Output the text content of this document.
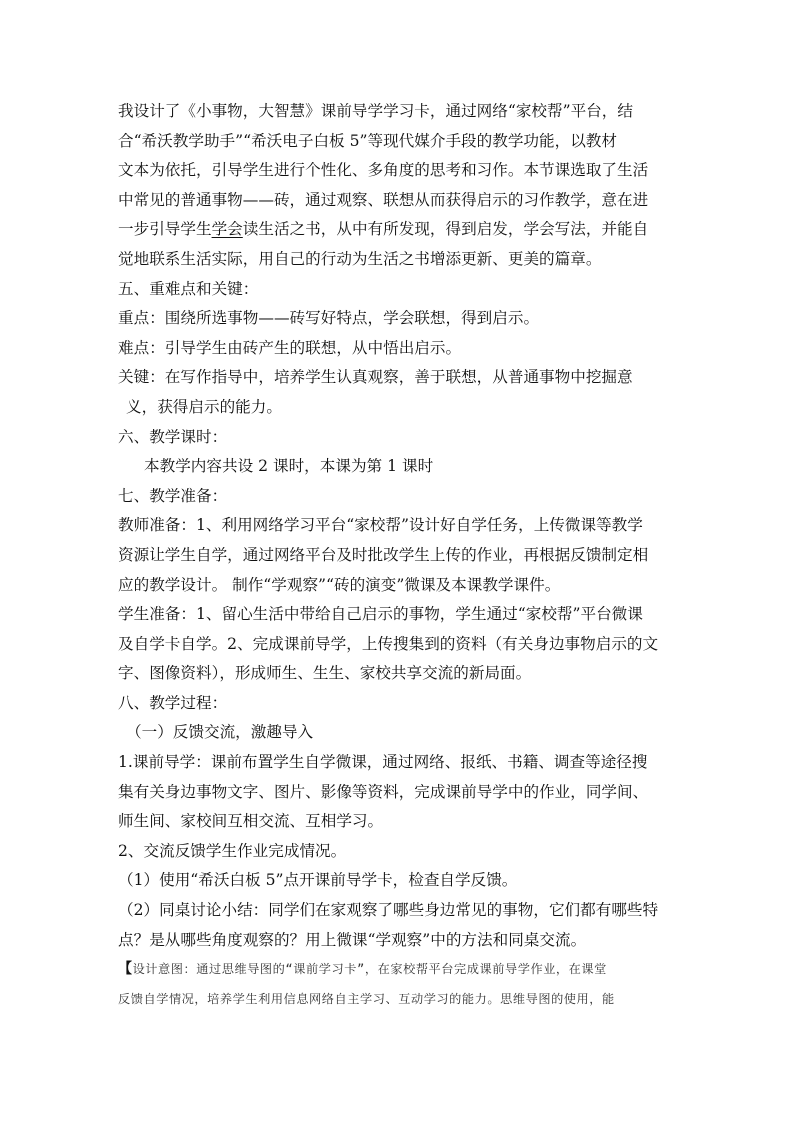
我设计了《小事物，大智慧》课前导学学习卡，通过网络“家校帮”平台，结
合“希沃教学助手”“希沃电子白板 5”等现代媒介手段的教学功能，以教材
文本为依托，引导学生进行个性化、多角度的思考和习作。本节课选取了生活
中常见的普通事物——砖，通过观察、联想从而获得启示的习作教学，意在进
一步引导学生学会读生活之书，从中有所发现，得到启发，学会写法，并能自
觉地联系生活实际，用自己的行动为生活之书增添更新、更美的篇章。
五、重难点和关键：
重点：围绕所选事物——砖写好特点，学会联想，得到启示。
难点：引导学生由砖产生的联想，从中悟出启示。
关键：在写作指导中，培养学生认真观察，善于联想，从普通事物中挖掘意
义，获得启示的能力。
六、教学课时：
本教学内容共设 2 课时，本课为第 1 课时
七、教学准备：
教师准备：1、利用网络学习平台“家校帮”设计好自学任务，上传微课等教学
资源让学生自学，通过网络平台及时批改学生上传的作业，再根据反馈制定相
应的教学设计。 制作“学观察”“砖的演变”微课及本课教学课件。
学生准备：1、留心生活中带给自己启示的事物，学生通过“家校帮”平台微课
及自学卡自学。2、完成课前导学，上传搜集到的资料（有关身边事物启示的文
字、图像资料），形成师生、生生、家校共享交流的新局面。
八、教学过程：
（一）反馈交流，激趣导入
1.课前导学：课前布置学生自学微课，通过网络、报纸、书籍、调查等途径搜
集有关身边事物文字、图片、影像等资料，完成课前导学中的作业，同学间、
师生间、家校间互相交流、互相学习。
2、交流反馈学生作业完成情况。
（1）使用“希沃白板 5”点开课前导学卡，检查自学反馈。
（2）同桌讨论小结：同学们在家观察了哪些身边常见的事物，它们都有哪些特
点？是从哪些角度观察的？用上微课“学观察”中的方法和同桌交流。
【设计意图：通过思维导图的“课前学习卡”，在家校帮平台完成课前导学作业，在课堂
反馈自学情况，培养学生利用信息网络自主学习、互动学习的能力。思维导图的使用，能
